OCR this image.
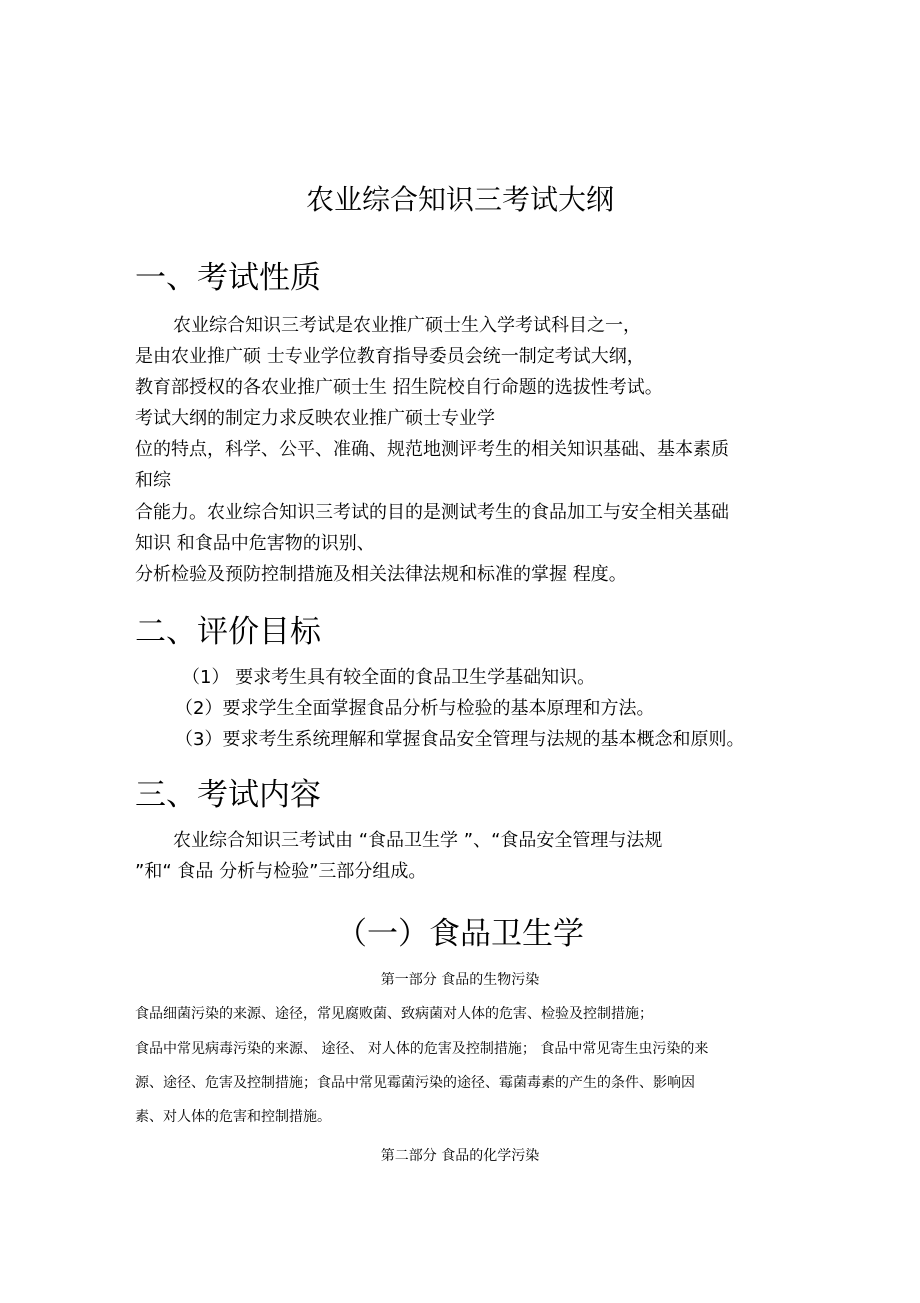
农业综合知识三考试大纲
一、考试性质
农业综合知识三考试是农业推广硕士生入学考试科目之一，
是由农业推广硕 士专业学位教育指导委员会统一制定考试大纲，
教育部授权的各农业推广硕士生 招生院校自行命题的选拔性考试。
考试大纲的制定力求反映农业推广硕士专业学
位的特点，科学、公平、准确、规范地测评考生的相关知识基础、基本素质
和综
合能力。农业综合知识三考试的目的是测试考生的食品加工与安全相关基础
知识 和食品中危害物的识别、
分析检验及预防控制措施及相关法律法规和标准的掌握 程度。
二、评价目标
（1） 要求考生具有较全面的食品卫生学基础知识。
（2）要求学生全面掌握食品分析与检验的基本原理和方法。
（3）要求考生系统理解和掌握食品安全管理与法规的基本概念和原则。
三、考试内容
农业综合知识三考试由 “食品卫生学 ”、“食品安全管理与法规
”和“ 食品 分析与检验”三部分组成。
（一）食品卫生学
第一部分 食品的生物污染
食品细菌污染的来源、途径，常见腐败菌、致病菌对人体的危害、检验及控制措施；
食品中常见病毒污染的来源、 途径、 对人体的危害及控制措施； 食品中常见寄生虫污染的来
源、途径、危害及控制措施；食品中常见霉菌污染的途径、霉菌毒素的产生的条件、影响因
素、对人体的危害和控制措施。
第二部分 食品的化学污染
